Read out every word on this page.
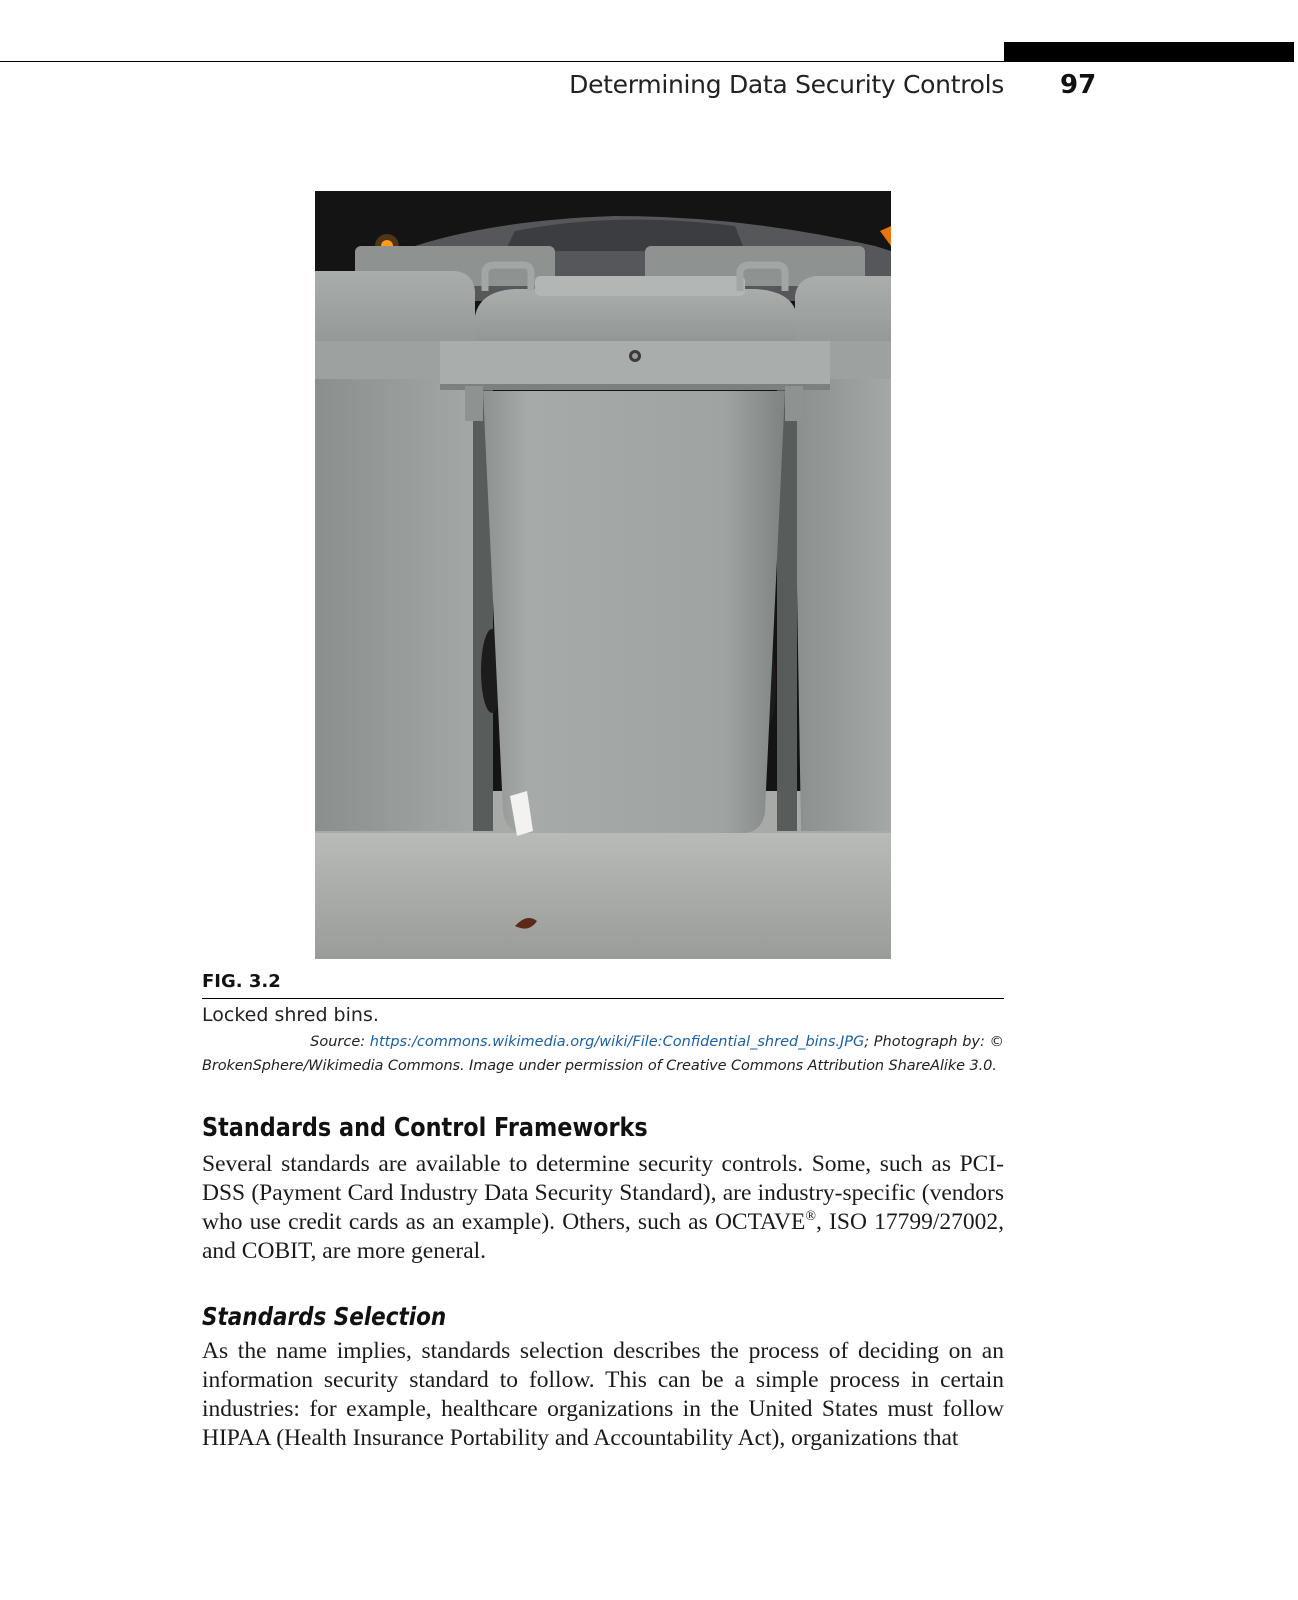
Determining Data Security Controls 97
FIG. 3.2
Locked shred bins.
Source: https:/commons.wikimedia.org/wiki/File:Confidential_shred_bins.JPG; Photograph by: ©
BrokenSphere/Wikimedia Commons. Image under permission of Creative Commons Attribution ShareAlike 3.0.
Standards and Control Frameworks

Several standards are available to determine security controls. Some, such as PCI-DSS (Payment Card Industry Data Security Standard), are industry-specific (vendors who use credit cards as an example). Others, such as OCTAVE®, ISO 17799/27002, and COBIT, are more general.

Standards Selection

As the name implies, standards selection describes the process of deciding on an information security standard to follow. This can be a simple process in certain industries: for example, healthcare organizations in the United States must follow HIPAA (Health Insurance Portability and Accountability Act), organizations that
